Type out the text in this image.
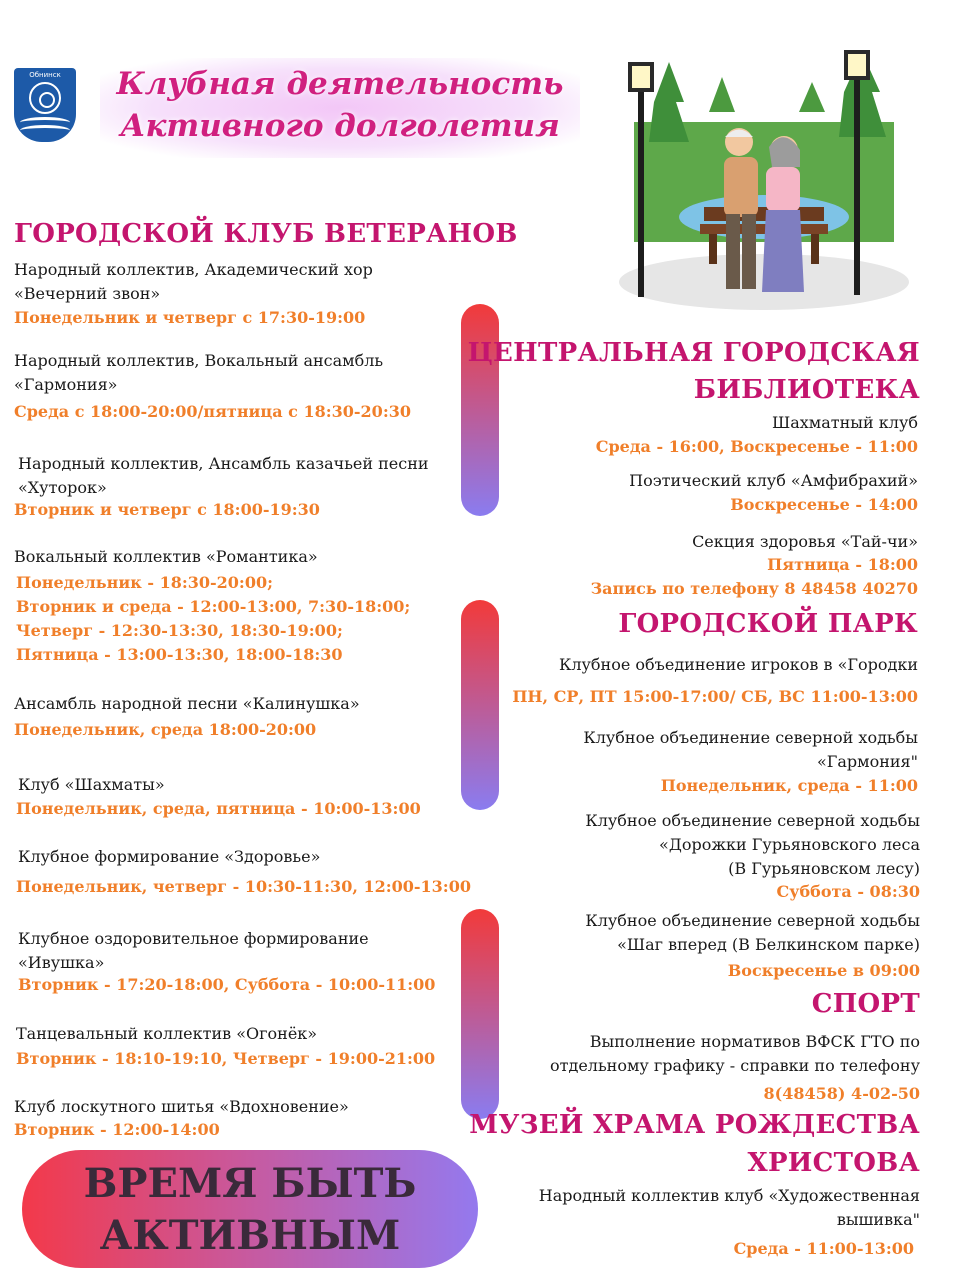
Обнинск	Клубная деятельность
Активного долголетия
ГОРОДСКОЙ КЛУБ ВЕТЕРАНОВ
Народный коллектив, Академический хор
«Вечерний звон»
Понедельник и четверг с 17:30-19:00
Народный коллектив, Вокальный ансамбль
«Гармония»
Среда с 18:00-20:00/пятница с 18:30-20:30
Народный коллектив, Ансамбль казачьей песни
«Хуторок»
Вторник и четверг с 18:00-19:30
Вокальный коллектив «Романтика»
Понедельник - 18:30-20:00;
Вторник и среда - 12:00-13:00, 7:30-18:00;
Четверг - 12:30-13:30, 18:30-19:00;
Пятница - 13:00-13:30, 18:00-18:30
Ансамбль народной песни «Калинушка»
Понедельник, среда 18:00-20:00
Клуб «Шахматы»
Понедельник, среда, пятница - 10:00-13:00
Клубное формирование «Здоровье»
Понедельник, четверг - 10:30-11:30, 12:00-13:00
Клубное оздоровительное формирование
«Ивушка»
Вторник - 17:20-18:00, Суббота - 10:00-11:00
Танцевальный коллектив «Огонёк»
Вторник - 18:10-19:10, Четверг - 19:00-21:00
Клуб лоскутного шитья «Вдохновение»
Вторник - 12:00-14:00
ВРЕМЯ БЫТЬ
АКТИВНЫМ
ЦЕНТРАЛЬНАЯ ГОРОДСКАЯ
БИБЛИОТЕКА
Шахматный клуб
Среда - 16:00, Воскресенье - 11:00
Поэтический клуб «Амфибрахий»
Воскресенье - 14:00
Секция здоровья «Тай-чи»
Пятница - 18:00
Запись по телефону 8 48458 40270
ГОРОДСКОЙ ПАРК
Клубное объединение игроков в «Городки
ПН, СР, ПТ 15:00-17:00/ СБ, ВС 11:00-13:00
Клубное объединение северной ходьбы
«Гармония"
Понедельник, среда - 11:00
Клубное объединение северной ходьбы
«Дорожки Гурьяновского леса
(В Гурьяновском лесу)
Суббота - 08:30
Клубное объединение северной ходьбы
«Шаг вперед (В Белкинском парке)
Воскресенье в 09:00
СПОРТ
Выполнение нормативов ВФСК ГТО по
отдельному графику - справки по телефону
8(48458) 4-02-50
МУЗЕЙ ХРАМА РОЖДЕСТВА
ХРИСТОВА
Народный коллектив клуб «Художественная
вышивка"
Среда - 11:00-13:00
